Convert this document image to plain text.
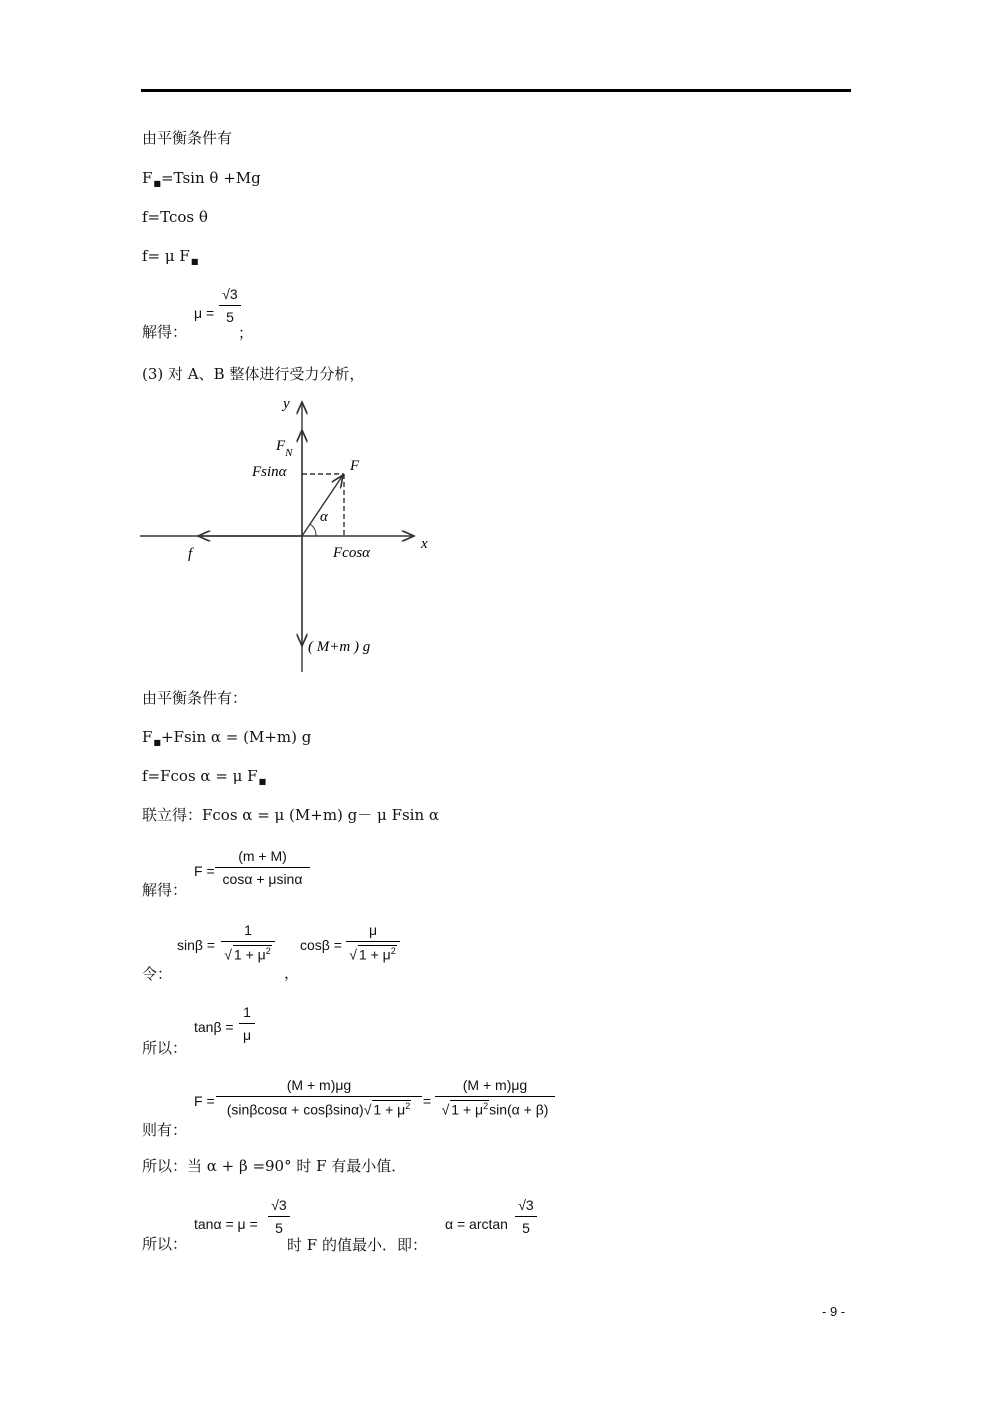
由平衡条件有
$F_■=Tsin$ θ +Mg
f=Tcos θ
f= μ $F_■$
解得：
$\mu = \frac{√3}{5}$
；
(3) 对 A、B 整体进行受力分析，
y
$F_N$
Fsinα	F
α
x
f	Fcosα
( M+m ) g
由平衡条件有：
$F_■+Fsin$ α = (M+m) g
f=Fcos α = μ $F_■$
联立得：Fcos α = μ (M+m) g－ μ Fsin α
解得：
$F = \frac{(m + M)}{\cos\alpha + \mu\sin\alpha}$
令：
$\sin\beta = \frac{1}{√ 1 + \mu^2}$
，
$\cos\beta = \frac{\mu}{√ 1 + \mu^2}$
所以：
$\tan\beta = \frac{1}{\mu}$
则有：
$F = \frac{(M + m)\mu g}{(\sin\beta\cos\alpha + \cos\beta\sin\alpha)√ 1 + \mu^2} = \frac{(M + m)\mu g}{√ 1 + \mu^2\sin(\alpha + \beta)}$
所以：当 α + β =90° 时 F 有最小值．
所以：
$\tan\alpha = \mu = \frac{√3}{5}$
时 F 的值最小．即：
$\alpha = \arctan \frac{√3}{5}$
- 9 -
